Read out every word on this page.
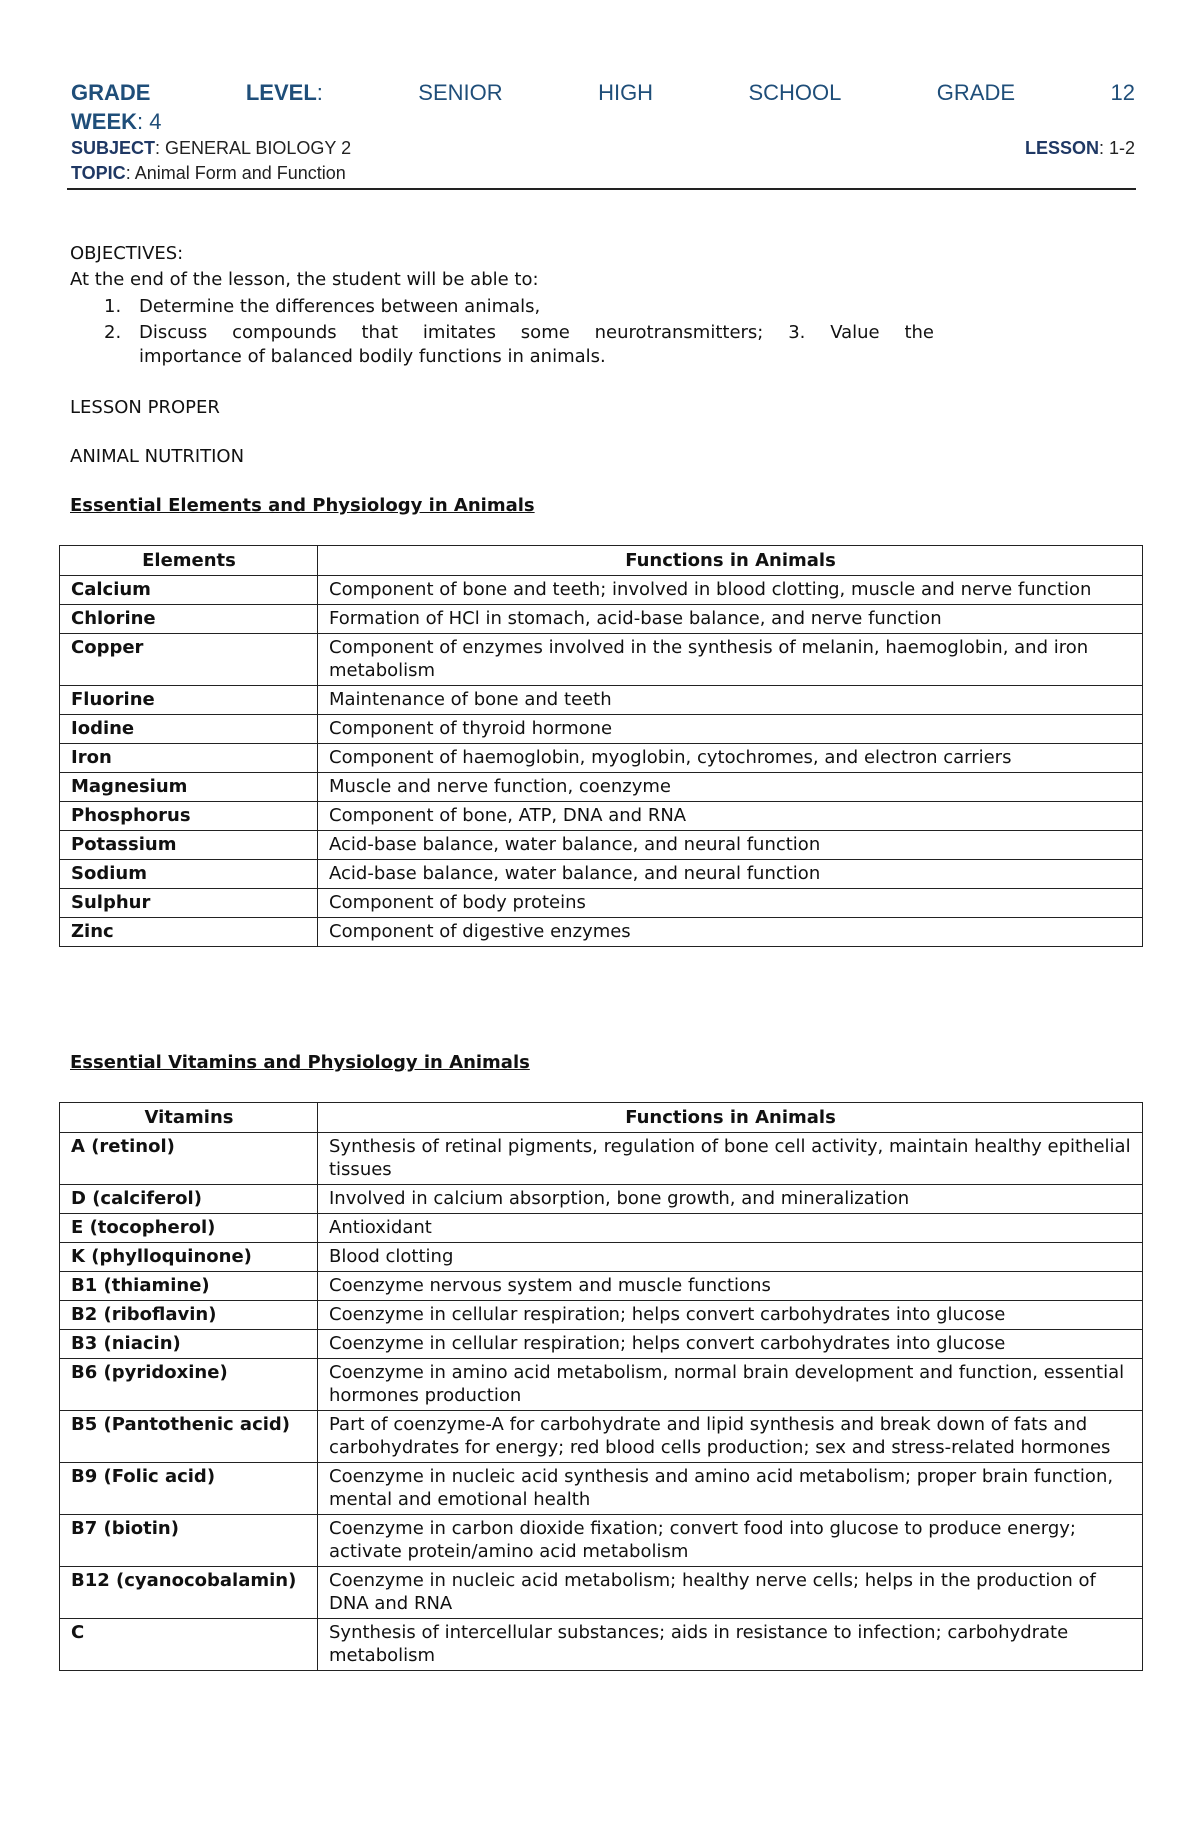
GRADE	LEVEL:	SENIOR	HIGH	SCHOOL	GRADE	12
WEEK: 4
SUBJECT: GENERAL BIOLOGY 2	LESSON: 1-2
TOPIC: Animal Form and Function
OBJECTIVES:
At the end of the lesson, the student will be able to:
1. Determine the differences between animals,
2. Discuss compounds that imitates some neurotransmitters; 3. Value the
importance of balanced bodily functions in animals.
LESSON PROPER
ANIMAL NUTRITION
Essential Elements and Physiology in Animals
Elements	Functions in Animals
Calcium	Component of bone and teeth; involved in blood clotting, muscle and nerve function
Chlorine	Formation of HCl in stomach, acid-base balance, and nerve function
Copper	Component of enzymes involved in the synthesis of melanin, haemoglobin, and iron metabolism
Fluorine	Maintenance of bone and teeth
Iodine	Component of thyroid hormone
Iron	Component of haemoglobin, myoglobin, cytochromes, and electron carriers
Magnesium	Muscle and nerve function, coenzyme
Phosphorus	Component of bone, ATP, DNA and RNA
Potassium	Acid-base balance, water balance, and neural function
Sodium	Acid-base balance, water balance, and neural function
Sulphur	Component of body proteins
Zinc	Component of digestive enzymes
Essential Vitamins and Physiology in Animals
Vitamins	Functions in Animals
A (retinol)	Synthesis of retinal pigments, regulation of bone cell activity, maintain healthy epithelial tissues
D (calciferol)	Involved in calcium absorption, bone growth, and mineralization
E (tocopherol)	Antioxidant
K (phylloquinone)	Blood clotting
B1 (thiamine)	Coenzyme nervous system and muscle functions
B2 (riboflavin)	Coenzyme in cellular respiration; helps convert carbohydrates into glucose
B3 (niacin)	Coenzyme in cellular respiration; helps convert carbohydrates into glucose
B6 (pyridoxine)	Coenzyme in amino acid metabolism, normal brain development and function, essential hormones production
B5 (Pantothenic acid)	Part of coenzyme-A for carbohydrate and lipid synthesis and break down of fats and carbohydrates for energy; red blood cells production; sex and stress-related hormones
B9 (Folic acid)	Coenzyme in nucleic acid synthesis and amino acid metabolism; proper brain function, mental and emotional health
B7 (biotin)	Coenzyme in carbon dioxide fixation; convert food into glucose to produce energy; activate protein/amino acid metabolism
B12 (cyanocobalamin)	Coenzyme in nucleic acid metabolism; healthy nerve cells; helps in the production of DNA and RNA
C	Synthesis of intercellular substances; aids in resistance to infection; carbohydrate metabolism
